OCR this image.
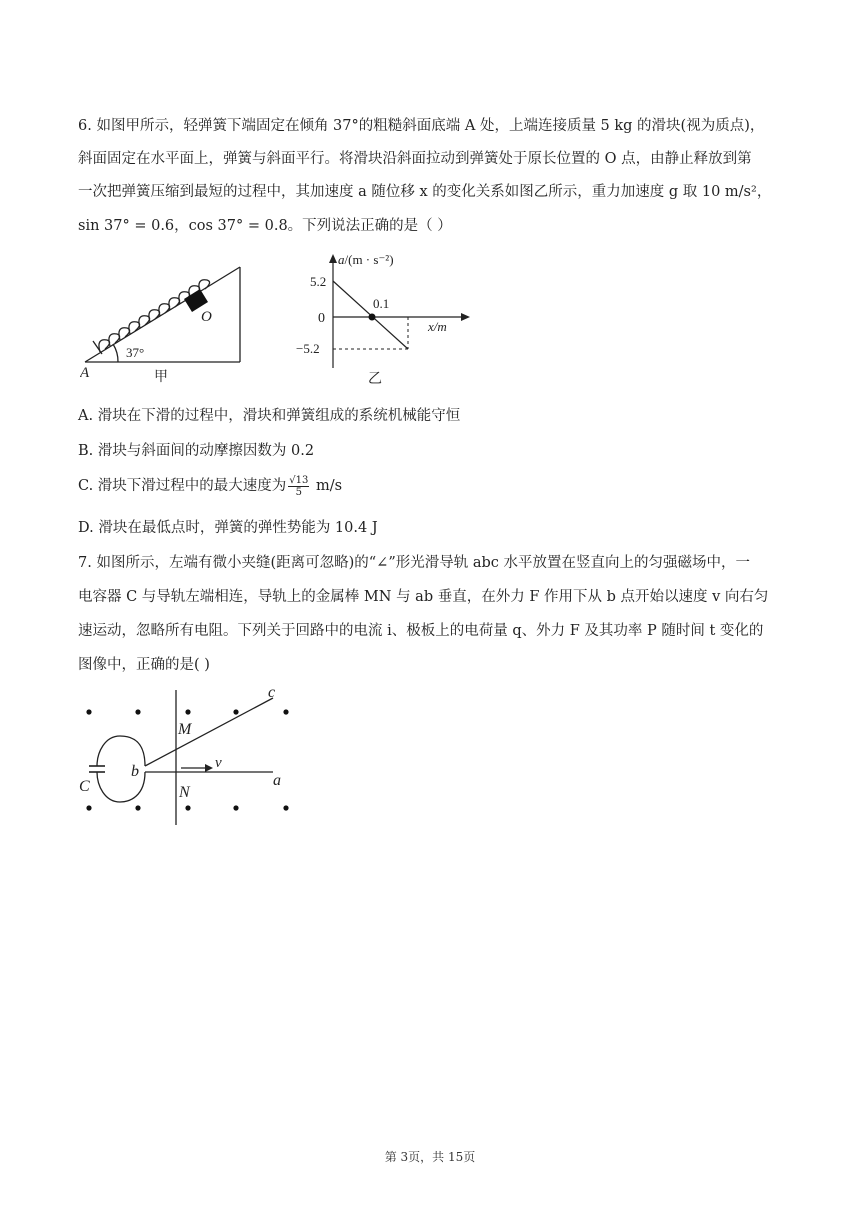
6. 如图甲所示，轻弹簧下端固定在倾角 37°的粗糙斜面底端 A 处，上端连接质量 5 kg 的滑块(视为质点)，
斜面固定在水平面上，弹簧与斜面平行。将滑块沿斜面拉动到弹簧处于原长位置的 O 点，由静止释放到第
一次把弹簧压缩到最短的过程中，其加速度 a 随位移 x 的变化关系如图乙所示，重力加速度 g 取 10 m/s²，
sin 37° = 0.6，cos 37° = 0.8。下列说法正确的是（ ）
O
A
37°
甲
a/(m · s⁻²)
5.2
0
−5.2
0.1
x/m
乙
A. 滑块在下滑的过程中，滑块和弹簧组成的系统机械能守恒
B. 滑块与斜面间的动摩擦因数为 0.2
C. 滑块下滑过程中的最大速度为 $\frac{√13}{5} m/s$
D. 滑块在最低点时，弹簧的弹性势能为 10.4 J
7. 如图所示，左端有微小夹缝(距离可忽略)的“∠”形光滑导轨 abc 水平放置在竖直向上的匀强磁场中，一
电容器 C 与导轨左端相连，导轨上的金属棒 MN 与 ab 垂直，在外力 F 作用下从 b 点开始以速度 v 向右匀
速运动，忽略所有电阻。下列关于回路中的电流 i、极板上的电荷量 q、外力 F 及其功率 P 随时间 t 变化的
图像中，正确的是( )
c
M
b	v
a
C	N
第 3页，共 15页
